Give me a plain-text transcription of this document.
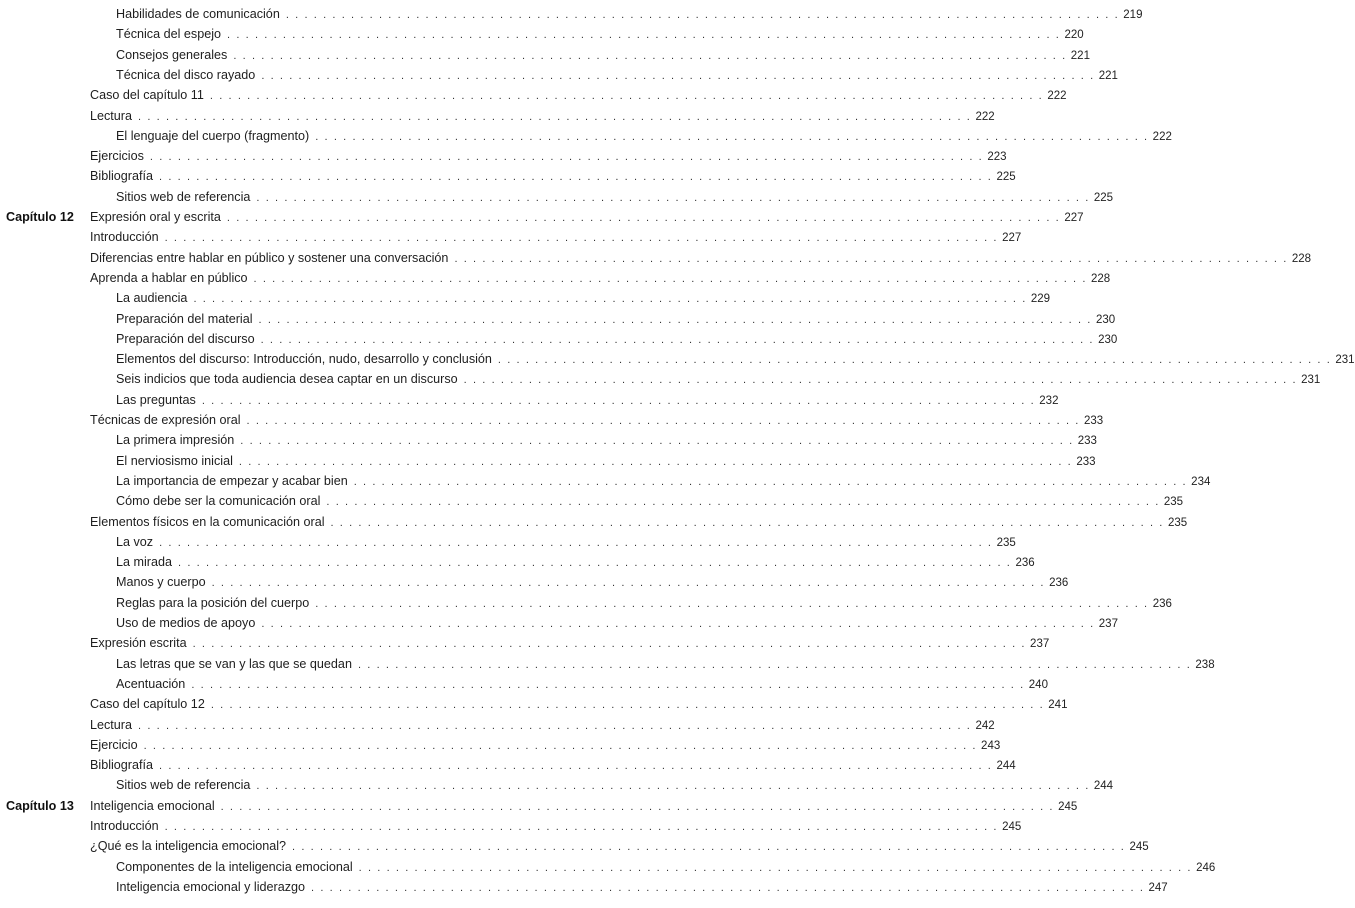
Habilidades de comunicación . . . . . . . . . . . . . . . . . . . . . . . . . . . . . . . . . . . . . . . . . . . . . . . . . . . . . . . . . . . . . . . . . . . . . . . . . . . . . . . . . . . . . . . . . . 219
Técnica del espejo . . . . . . . . . . . . . . . . . . . . . . . . . . . . . . . . . . . . . . . . . . . . . . . . . . . . . . . . . . . . . . . . . . . . . . . . . . . . . . . . . . . . . . . . . . 220
Consejos generales . . . . . . . . . . . . . . . . . . . . . . . . . . . . . . . . . . . . . . . . . . . . . . . . . . . . . . . . . . . . . . . . . . . . . . . . . . . . . . . . . . . . . . . . . . 221
Técnica del disco rayado . . . . . . . . . . . . . . . . . . . . . . . . . . . . . . . . . . . . . . . . . . . . . . . . . . . . . . . . . . . . . . . . . . . . . . . . . . . . . . . . . . . . . . . . . . 221
Caso del capítulo 11 . . . . . . . . . . . . . . . . . . . . . . . . . . . . . . . . . . . . . . . . . . . . . . . . . . . . . . . . . . . . . . . . . . . . . . . . . . . . . . . . . . . . . . . . . . 222
Lectura . . . . . . . . . . . . . . . . . . . . . . . . . . . . . . . . . . . . . . . . . . . . . . . . . . . . . . . . . . . . . . . . . . . . . . . . . . . . . . . . . . . . . . . . . . 222
El lenguaje del cuerpo (fragmento) . . . . . . . . . . . . . . . . . . . . . . . . . . . . . . . . . . . . . . . . . . . . . . . . . . . . . . . . . . . . . . . . . . . . . . . . . . . . . . . . . . . . . . . . . . 222
Ejercicios . . . . . . . . . . . . . . . . . . . . . . . . . . . . . . . . . . . . . . . . . . . . . . . . . . . . . . . . . . . . . . . . . . . . . . . . . . . . . . . . . . . . . . . . . . 223
Bibliografía . . . . . . . . . . . . . . . . . . . . . . . . . . . . . . . . . . . . . . . . . . . . . . . . . . . . . . . . . . . . . . . . . . . . . . . . . . . . . . . . . . . . . . . . . . 225
Sitios web de referencia . . . . . . . . . . . . . . . . . . . . . . . . . . . . . . . . . . . . . . . . . . . . . . . . . . . . . . . . . . . . . . . . . . . . . . . . . . . . . . . . . . . . . . . . . . 225
Capítulo 12 Expresión oral y escrita . . . . . . . . . . . . . . . . . . . . . . . . . . . . . . . . . . . . . . . . . . . . . . . . . . . . . . . . . . . . . . . . . . . . . . . . . . . . . . . . . . . . . . . . . . 227
Introducción . . . . . . . . . . . . . . . . . . . . . . . . . . . . . . . . . . . . . . . . . . . . . . . . . . . . . . . . . . . . . . . . . . . . . . . . . . . . . . . . . . . . . . . . . . 227
Diferencias entre hablar en público y sostener una conversación . . . . . . . . . . . . . . . . . . . . . . . . . . . . . . . . . . . . . . . . . . . . . . . . . . . . . . . . . . . . . . . . . . . . . . . . . . . . . . . . . . . . . . . . . . 228
Aprenda a hablar en público . . . . . . . . . . . . . . . . . . . . . . . . . . . . . . . . . . . . . . . . . . . . . . . . . . . . . . . . . . . . . . . . . . . . . . . . . . . . . . . . . . . . . . . . . . 228
La audiencia . . . . . . . . . . . . . . . . . . . . . . . . . . . . . . . . . . . . . . . . . . . . . . . . . . . . . . . . . . . . . . . . . . . . . . . . . . . . . . . . . . . . . . . . . . 229
Preparación del material . . . . . . . . . . . . . . . . . . . . . . . . . . . . . . . . . . . . . . . . . . . . . . . . . . . . . . . . . . . . . . . . . . . . . . . . . . . . . . . . . . . . . . . . . . 230
Preparación del discurso . . . . . . . . . . . . . . . . . . . . . . . . . . . . . . . . . . . . . . . . . . . . . . . . . . . . . . . . . . . . . . . . . . . . . . . . . . . . . . . . . . . . . . . . . . 230
Elementos del discurso: Introducción, nudo, desarrollo y conclusión . . . . . . . . . . . . . . . . . . . . . . . . . . . . . . . . . . . . . . . . . . . . . . . . . . . . . . . . . . . . . . . . . . . . . . . . . . . . . . . . . . . . . . . . . . 231
Seis indicios que toda audiencia desea captar en un discurso . . . . . . . . . . . . . . . . . . . . . . . . . . . . . . . . . . . . . . . . . . . . . . . . . . . . . . . . . . . . . . . . . . . . . . . . . . . . . . . . . . . . . . . . . . 231
Las preguntas . . . . . . . . . . . . . . . . . . . . . . . . . . . . . . . . . . . . . . . . . . . . . . . . . . . . . . . . . . . . . . . . . . . . . . . . . . . . . . . . . . . . . . . . . . 232
Técnicas de expresión oral . . . . . . . . . . . . . . . . . . . . . . . . . . . . . . . . . . . . . . . . . . . . . . . . . . . . . . . . . . . . . . . . . . . . . . . . . . . . . . . . . . . . . . . . . . 233
La primera impresión . . . . . . . . . . . . . . . . . . . . . . . . . . . . . . . . . . . . . . . . . . . . . . . . . . . . . . . . . . . . . . . . . . . . . . . . . . . . . . . . . . . . . . . . . . 233
El nerviosismo inicial . . . . . . . . . . . . . . . . . . . . . . . . . . . . . . . . . . . . . . . . . . . . . . . . . . . . . . . . . . . . . . . . . . . . . . . . . . . . . . . . . . . . . . . . . . 233
La importancia de empezar y acabar bien . . . . . . . . . . . . . . . . . . . . . . . . . . . . . . . . . . . . . . . . . . . . . . . . . . . . . . . . . . . . . . . . . . . . . . . . . . . . . . . . . . . . . . . . . . 234
Cómo debe ser la comunicación oral . . . . . . . . . . . . . . . . . . . . . . . . . . . . . . . . . . . . . . . . . . . . . . . . . . . . . . . . . . . . . . . . . . . . . . . . . . . . . . . . . . . . . . . . . . 235
Elementos físicos en la comunicación oral . . . . . . . . . . . . . . . . . . . . . . . . . . . . . . . . . . . . . . . . . . . . . . . . . . . . . . . . . . . . . . . . . . . . . . . . . . . . . . . . . . . . . . . . . . 235
La voz . . . . . . . . . . . . . . . . . . . . . . . . . . . . . . . . . . . . . . . . . . . . . . . . . . . . . . . . . . . . . . . . . . . . . . . . . . . . . . . . . . . . . . . . . . 235
La mirada . . . . . . . . . . . . . . . . . . . . . . . . . . . . . . . . . . . . . . . . . . . . . . . . . . . . . . . . . . . . . . . . . . . . . . . . . . . . . . . . . . . . . . . . . . 236
Manos y cuerpo . . . . . . . . . . . . . . . . . . . . . . . . . . . . . . . . . . . . . . . . . . . . . . . . . . . . . . . . . . . . . . . . . . . . . . . . . . . . . . . . . . . . . . . . . . 236
Reglas para la posición del cuerpo . . . . . . . . . . . . . . . . . . . . . . . . . . . . . . . . . . . . . . . . . . . . . . . . . . . . . . . . . . . . . . . . . . . . . . . . . . . . . . . . . . . . . . . . . . 236
Uso de medios de apoyo . . . . . . . . . . . . . . . . . . . . . . . . . . . . . . . . . . . . . . . . . . . . . . . . . . . . . . . . . . . . . . . . . . . . . . . . . . . . . . . . . . . . . . . . . . 237
Expresión escrita . . . . . . . . . . . . . . . . . . . . . . . . . . . . . . . . . . . . . . . . . . . . . . . . . . . . . . . . . . . . . . . . . . . . . . . . . . . . . . . . . . . . . . . . . . 237
Las letras que se van y las que se quedan . . . . . . . . . . . . . . . . . . . . . . . . . . . . . . . . . . . . . . . . . . . . . . . . . . . . . . . . . . . . . . . . . . . . . . . . . . . . . . . . . . . . . . . . . . 238
Acentuación . . . . . . . . . . . . . . . . . . . . . . . . . . . . . . . . . . . . . . . . . . . . . . . . . . . . . . . . . . . . . . . . . . . . . . . . . . . . . . . . . . . . . . . . . . 240
Caso del capítulo 12 . . . . . . . . . . . . . . . . . . . . . . . . . . . . . . . . . . . . . . . . . . . . . . . . . . . . . . . . . . . . . . . . . . . . . . . . . . . . . . . . . . . . . . . . . . 241
Lectura . . . . . . . . . . . . . . . . . . . . . . . . . . . . . . . . . . . . . . . . . . . . . . . . . . . . . . . . . . . . . . . . . . . . . . . . . . . . . . . . . . . . . . . . . . 242
Ejercicio . . . . . . . . . . . . . . . . . . . . . . . . . . . . . . . . . . . . . . . . . . . . . . . . . . . . . . . . . . . . . . . . . . . . . . . . . . . . . . . . . . . . . . . . . . 243
Bibliografía . . . . . . . . . . . . . . . . . . . . . . . . . . . . . . . . . . . . . . . . . . . . . . . . . . . . . . . . . . . . . . . . . . . . . . . . . . . . . . . . . . . . . . . . . . 244
Sitios web de referencia . . . . . . . . . . . . . . . . . . . . . . . . . . . . . . . . . . . . . . . . . . . . . . . . . . . . . . . . . . . . . . . . . . . . . . . . . . . . . . . . . . . . . . . . . . 244
Capítulo 13 Inteligencia emocional . . . . . . . . . . . . . . . . . . . . . . . . . . . . . . . . . . . . . . . . . . . . . . . . . . . . . . . . . . . . . . . . . . . . . . . . . . . . . . . . . . . . . . . . . . 245
Introducción . . . . . . . . . . . . . . . . . . . . . . . . . . . . . . . . . . . . . . . . . . . . . . . . . . . . . . . . . . . . . . . . . . . . . . . . . . . . . . . . . . . . . . . . . . 245
¿Qué es la inteligencia emocional? . . . . . . . . . . . . . . . . . . . . . . . . . . . . . . . . . . . . . . . . . . . . . . . . . . . . . . . . . . . . . . . . . . . . . . . . . . . . . . . . . . . . . . . . . . 245
Componentes de la inteligencia emocional . . . . . . . . . . . . . . . . . . . . . . . . . . . . . . . . . . . . . . . . . . . . . . . . . . . . . . . . . . . . . . . . . . . . . . . . . . . . . . . . . . . . . . . . . . 246
Inteligencia emocional y liderazgo . . . . . . . . . . . . . . . . . . . . . . . . . . . . . . . . . . . . . . . . . . . . . . . . . . . . . . . . . . . . . . . . . . . . . . . . . . . . . . . . . . . . . . . . . . 247
